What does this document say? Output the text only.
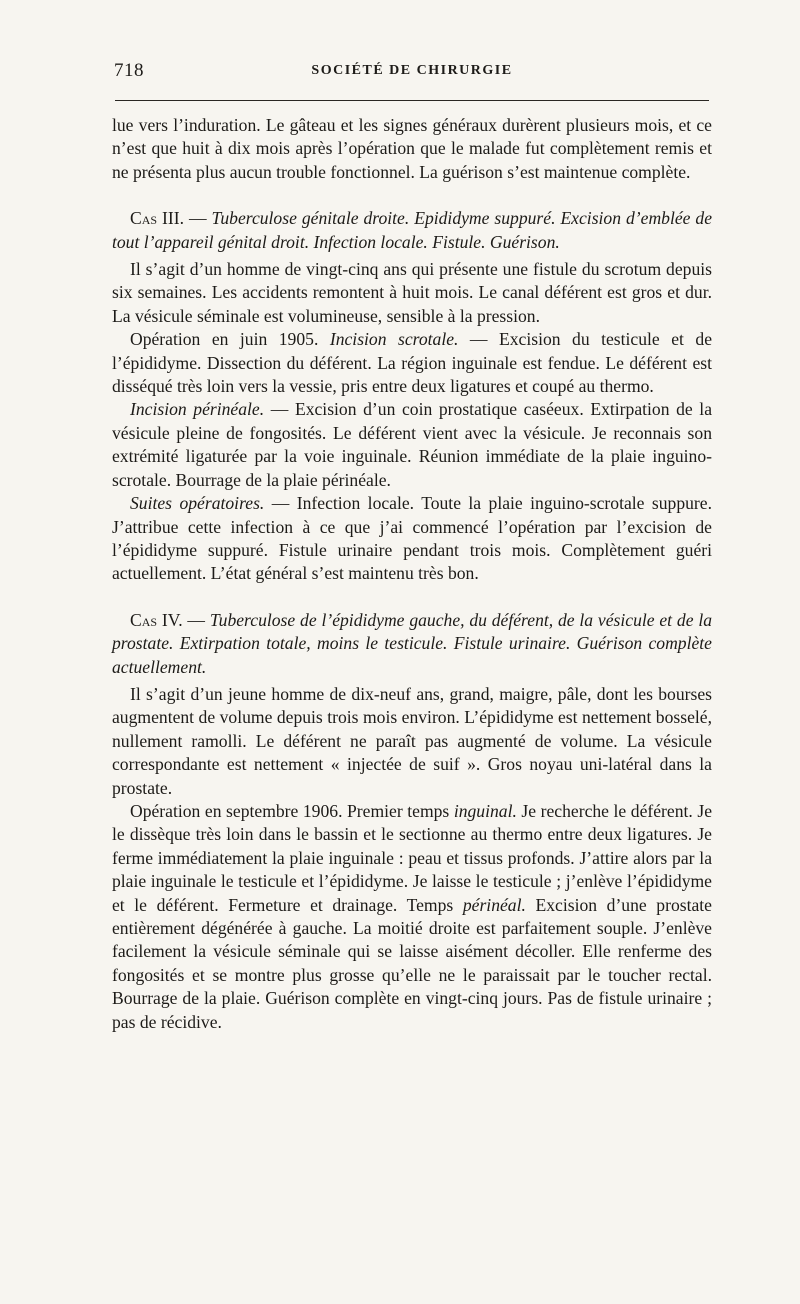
718	SOCIÉTÉ DE CHIRURGIE

lue vers l’induration. Le gâteau et les signes généraux durèrent plusieurs mois, et ce n’est que huit à dix mois après l’opération que le malade fut complètement remis et ne présenta plus aucun trouble fonctionnel. La guérison s’est maintenue complète.

Cas III. — Tuberculose génitale droite. Epididyme suppuré. Excision d’emblée de tout l’appareil génital droit. Infection locale. Fistule. Guérison.

Il s’agit d’un homme de vingt-cinq ans qui présente une fistule du scrotum depuis six semaines. Les accidents remontent à huit mois. Le canal déférent est gros et dur. La vésicule séminale est volumineuse, sensible à la pression.

Opération en juin 1905. Incision scrotale. — Excision du testicule et de l’épididyme. Dissection du déférent. La région inguinale est fendue. Le déférent est disséqué très loin vers la vessie, pris entre deux ligatures et coupé au thermo.

Incision périnéale. — Excision d’un coin prostatique caséeux. Extirpation de la vésicule pleine de fongosités. Le déférent vient avec la vésicule. Je reconnais son extrémité ligaturée par la voie inguinale. Réunion immédiate de la plaie inguino-scrotale. Bourrage de la plaie périnéale.

Suites opératoires. — Infection locale. Toute la plaie inguino-scrotale suppure. J’attribue cette infection à ce que j’ai commencé l’opération par l’excision de l’épididyme suppuré. Fistule urinaire pendant trois mois. Complètement guéri actuellement. L’état général s’est maintenu très bon.

Cas IV. — Tuberculose de l’épididyme gauche, du déférent, de la vésicule et de la prostate. Extirpation totale, moins le testicule. Fistule urinaire. Guérison complète actuellement.

Il s’agit d’un jeune homme de dix-neuf ans, grand, maigre, pâle, dont les bourses augmentent de volume depuis trois mois environ. L’épididyme est nettement bosselé, nullement ramolli. Le déférent ne paraît pas augmenté de volume. La vésicule correspondante est nettement « injectée de suif ». Gros noyau uni-latéral dans la prostate.

Opération en septembre 1906. Premier temps inguinal. Je recherche le déférent. Je le dissèque très loin dans le bassin et le sectionne au thermo entre deux ligatures. Je ferme immédiatement la plaie inguinale : peau et tissus profonds. J’attire alors par la plaie inguinale le testicule et l’épididyme. Je laisse le testicule ; j’enlève l’épididyme et le déférent. Fermeture et drainage. Temps périnéal. Excision d’une prostate entièrement dégénérée à gauche. La moitié droite est parfaitement souple. J’enlève facilement la vésicule séminale qui se laisse aisément décoller. Elle renferme des fongosités et se montre plus grosse qu’elle ne le paraissait par le toucher rectal. Bourrage de la plaie. Guérison complète en vingt-cinq jours. Pas de fistule urinaire ; pas de récidive.
